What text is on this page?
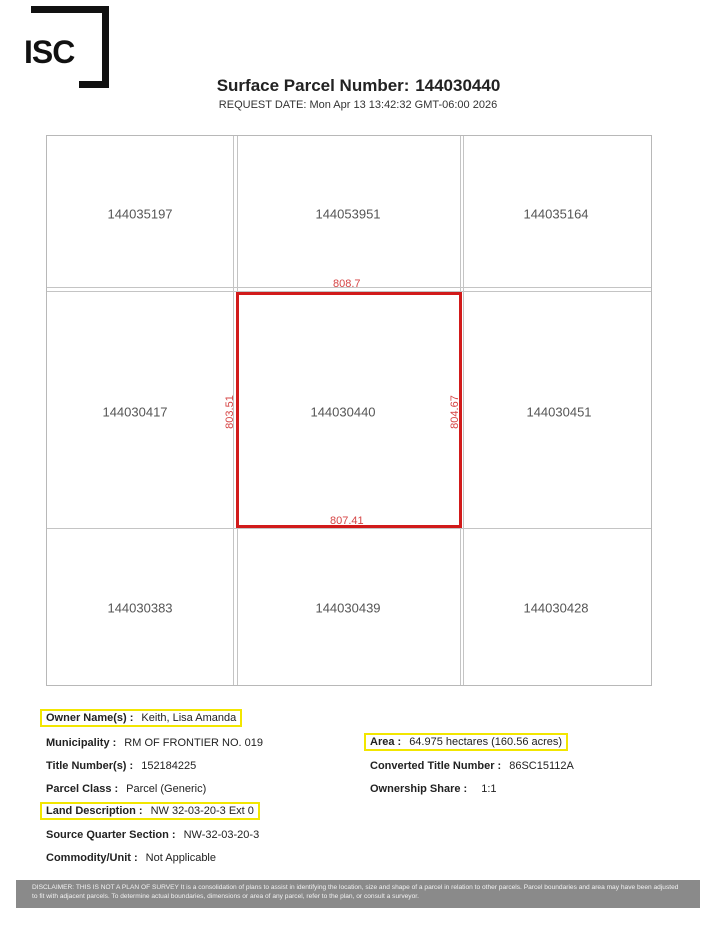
ISC
Surface Parcel Number: 144030440
REQUEST DATE: Mon Apr 13 13:42:32 GMT-06:00 2026
144035197	144053951	144035164
144030417	144030440	144030451
144030383	144030439	144030428
808.7
807.41
803.51	804.67
Owner Name(s) : Keith, Lisa Amanda
Municipality : RM OF FRONTIER NO. 019
Title Number(s) : 152184225
Parcel Class : Parcel (Generic)
Land Description : NW 32-03-20-3 Ext 0
Source Quarter Section : NW-32-03-20-3
Commodity/Unit : Not Applicable
Area : 64.975 hectares (160.56 acres)
Converted Title Number : 86SC15112A
Ownership Share : 1:1
DISCLAIMER: THIS IS NOT A PLAN OF SURVEY It is a consolidation of plans to assist in identifying the location, size and shape of a parcel in relation to other parcels. Parcel boundaries and area may have been adjusted to fit with adjacent parcels. To determine actual boundaries, dimensions or area of any parcel, refer to the plan, or consult a surveyor.
